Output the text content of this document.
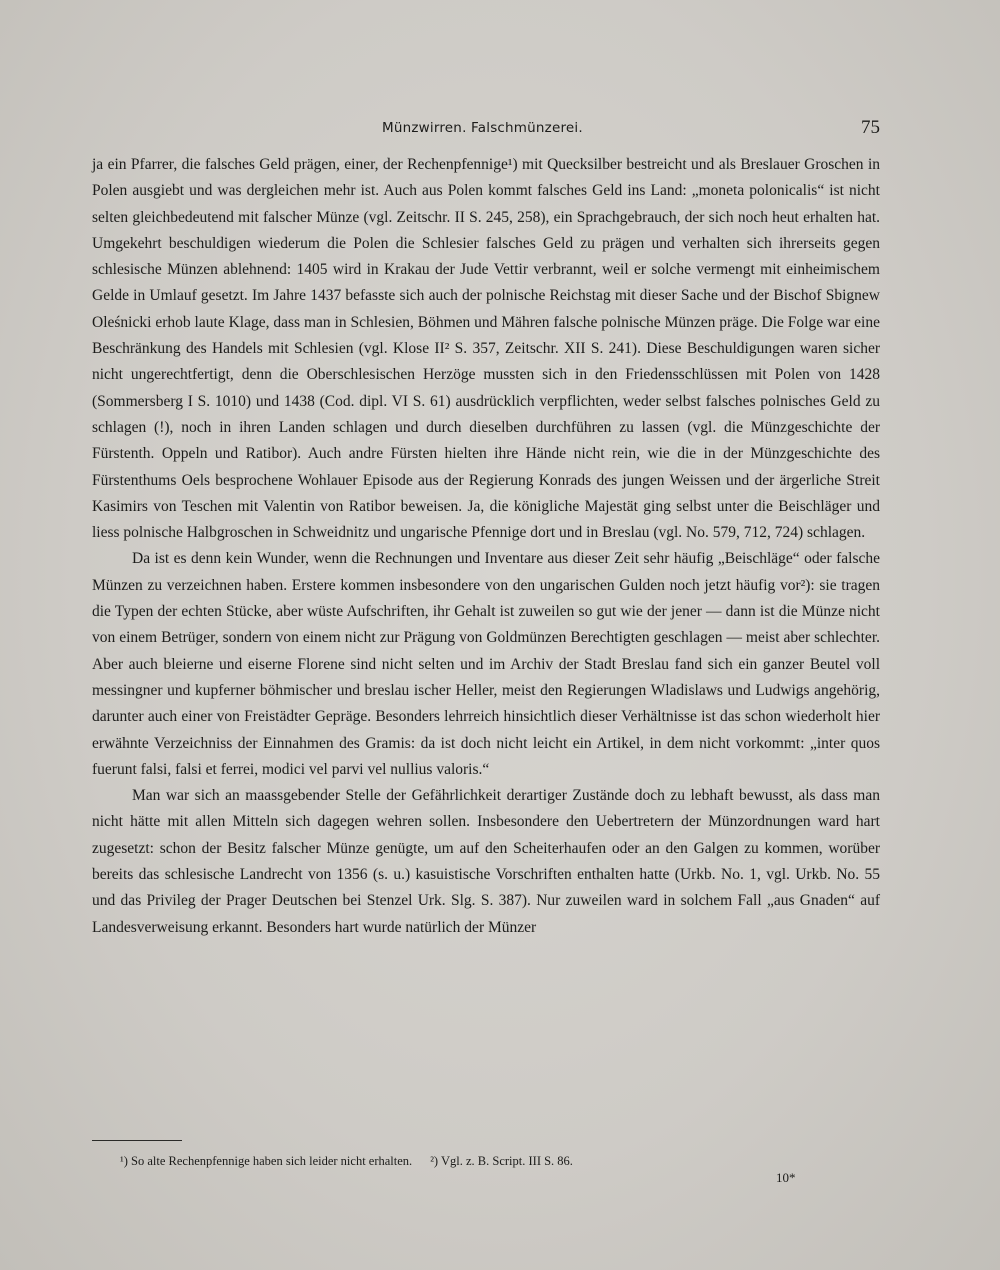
Münzwirren. Falschmünzerei.	75

ja ein Pfarrer, die falsches Geld prägen, einer, der Rechenpfennige¹) mit Quecksilber bestreicht und als Breslauer Groschen in Polen ausgiebt und was dergleichen mehr ist. Auch aus Polen kommt falsches Geld ins Land: „moneta polonicalis“ ist nicht selten gleichbedeutend mit falscher Münze (vgl. Zeitschr. II S. 245, 258), ein Sprachgebrauch, der sich noch heut erhalten hat. Umgekehrt beschuldigen wiederum die Polen die Schlesier falsches Geld zu prägen und verhalten sich ihrerseits gegen schlesische Münzen ablehnend: 1405 wird in Krakau der Jude Vettir verbrannt, weil er solche vermengt mit einheimischem Gelde in Umlauf gesetzt. Im Jahre 1437 befasste sich auch der polnische Reichstag mit dieser Sache und der Bischof Sbignew Oleśnicki erhob laute Klage, dass man in Schlesien, Böhmen und Mähren falsche polnische Münzen präge. Die Folge war eine Beschränkung des Handels mit Schlesien (vgl. Klose II² S. 357, Zeitschr. XII S. 241). Diese Beschuldigungen waren sicher nicht ungerechtfertigt, denn die Oberschlesischen Herzöge mussten sich in den Friedensschlüssen mit Polen von 1428 (Sommersberg I S. 1010) und 1438 (Cod. dipl. VI S. 61) ausdrücklich verpflichten, weder selbst falsches polnisches Geld zu schlagen (!), noch in ihren Landen schlagen und durch dieselben durchführen zu lassen (vgl. die Münzgeschichte der Fürstenth. Oppeln und Ratibor). Auch andre Fürsten hielten ihre Hände nicht rein, wie die in der Münzgeschichte des Fürstenthums Oels besprochene Wohlauer Episode aus der Regierung Konrads des jungen Weissen und der ärgerliche Streit Kasimirs von Teschen mit Valentin von Ratibor beweisen. Ja, die königliche Majestät ging selbst unter die Beischläger und liess polnische Halbgroschen in Schweidnitz und ungarische Pfennige dort und in Breslau (vgl. No. 579, 712, 724) schlagen.

Da ist es denn kein Wunder, wenn die Rechnungen und Inventare aus dieser Zeit sehr häufig „Beischläge“ oder falsche Münzen zu verzeichnen haben. Erstere kommen insbesondere von den ungarischen Gulden noch jetzt häufig vor²): sie tragen die Typen der echten Stücke, aber wüste Aufschriften, ihr Gehalt ist zuweilen so gut wie der jener — dann ist die Münze nicht von einem Betrüger, sondern von einem nicht zur Prägung von Goldmünzen Berechtigten geschlagen — meist aber schlechter. Aber auch bleierne und eiserne Florene sind nicht selten und im Archiv der Stadt Breslau fand sich ein ganzer Beutel voll messingner und kupferner böhmischer und breslau ischer Heller, meist den Regierungen Wladislaws und Ludwigs angehörig, darunter auch einer von Freistädter Gepräge. Besonders lehrreich hinsichtlich dieser Verhältnisse ist das schon wiederholt hier erwähnte Verzeichniss der Einnahmen des Gramis: da ist doch nicht leicht ein Artikel, in dem nicht vorkommt: „inter quos fuerunt falsi, falsi et ferrei, modici vel parvi vel nullius valoris.“

Man war sich an maassgebender Stelle der Gefährlichkeit derartiger Zustände doch zu lebhaft bewusst, als dass man nicht hätte mit allen Mitteln sich dagegen wehren sollen. Insbesondere den Uebertretern der Münzordnungen ward hart zugesetzt: schon der Besitz falscher Münze genügte, um auf den Scheiterhaufen oder an den Galgen zu kommen, worüber bereits das schlesische Landrecht von 1356 (s. u.) kasuistische Vorschriften enthalten hatte (Urkb. No. 1, vgl. Urkb. No. 55 und das Privileg der Prager Deutschen bei Stenzel Urk. Slg. S. 387). Nur zuweilen ward in solchem Fall „aus Gnaden“ auf Landesverweisung erkannt. Besonders hart wurde natürlich der Münzer

¹) So alte Rechenpfennige haben sich leider nicht erhalten. ²) Vgl. z. B. Script. III S. 86.
10*
